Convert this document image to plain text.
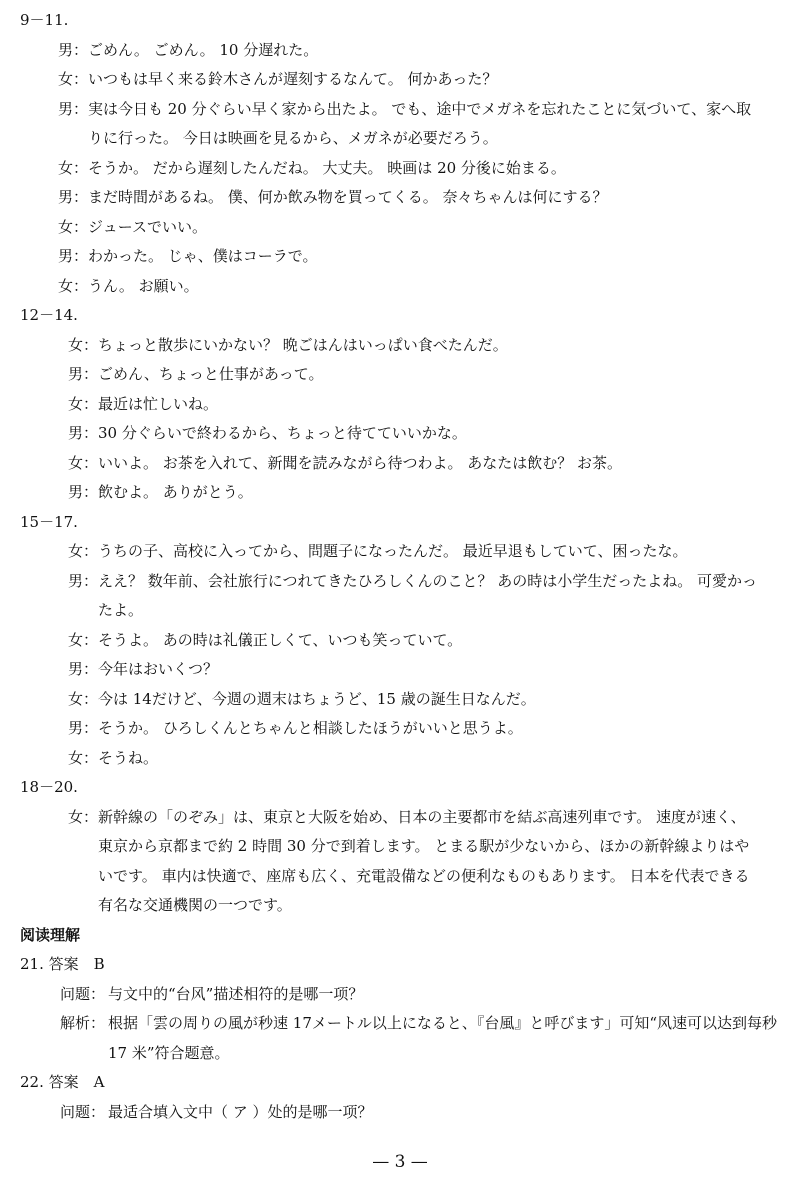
9－11.
男： ごめん。 ごめん。 10 分遅れた。
女： いつもは早く来る鈴木さんが遅刻するなんて。 何かあった？
男： 実は今日も 20 分ぐらい早く家から出たよ。 でも、途中でメガネを忘れたことに気づいて、家へ取りに行った。 今日は映画を見るから、メガネが必要だろう。
女： そうか。 だから遅刻したんだね。 大丈夫。 映画は 20 分後に始まる。
男： まだ時間があるね。 僕、何か飲み物を買ってくる。 奈々ちゃんは何にする？
女： ジュースでいい。
男： わかった。 じゃ、僕はコーラで。
女： うん。 お願い。
12－14.
女： ちょっと散歩にいかない？ 晩ごはんはいっぱい食べたんだ。
男： ごめん、ちょっと仕事があって。
女： 最近は忙しいね。
男： 30 分ぐらいで終わるから、ちょっと待てていいかな。
女： いいよ。 お茶を入れて、新聞を読みながら待つわよ。 あなたは飲む？ お茶。
男： 飲むよ。 ありがとう。
15－17.
女： うちの子、高校に入ってから、問題子になったんだ。 最近早退もしていて、困ったな。
男： ええ？ 数年前、会社旅行につれてきたひろしくんのこと？ あの時は小学生だったよね。 可愛かったよ。
女： そうよ。 あの時は礼儀正しくて、いつも笑っていて。
男： 今年はおいくつ？
女： 今は 14だけど、今週の週末はちょうど、15 歳の誕生日なんだ。
男： そうか。 ひろしくんとちゃんと相談したほうがいいと思うよ。
女： そうね。
18－20.
女： 新幹線の「のぞみ」は、東京と大阪を始め、日本の主要都市を結ぶ高速列車です。 速度が速く、東京から京都まで約 2 時間 30 分で到着します。 とまる駅が少ないから、ほかの新幹線よりはやいです。 車内は快適で、座席も広く、充電設備などの便利なものもあります。 日本を代表できる有名な交通機関の一つです。
阅读理解
21. 答案　B
问题： 与文中的“台风”描述相符的是哪一项？
解析： 根据「雲の周りの風が秒速 17メートル以上になると、『台風』と呼びます」可知“风速可以达到每秒 17 米”符合题意。
22. 答案　A
问题： 最适合填入文中（ ア ）处的是哪一项？
— 3 —
